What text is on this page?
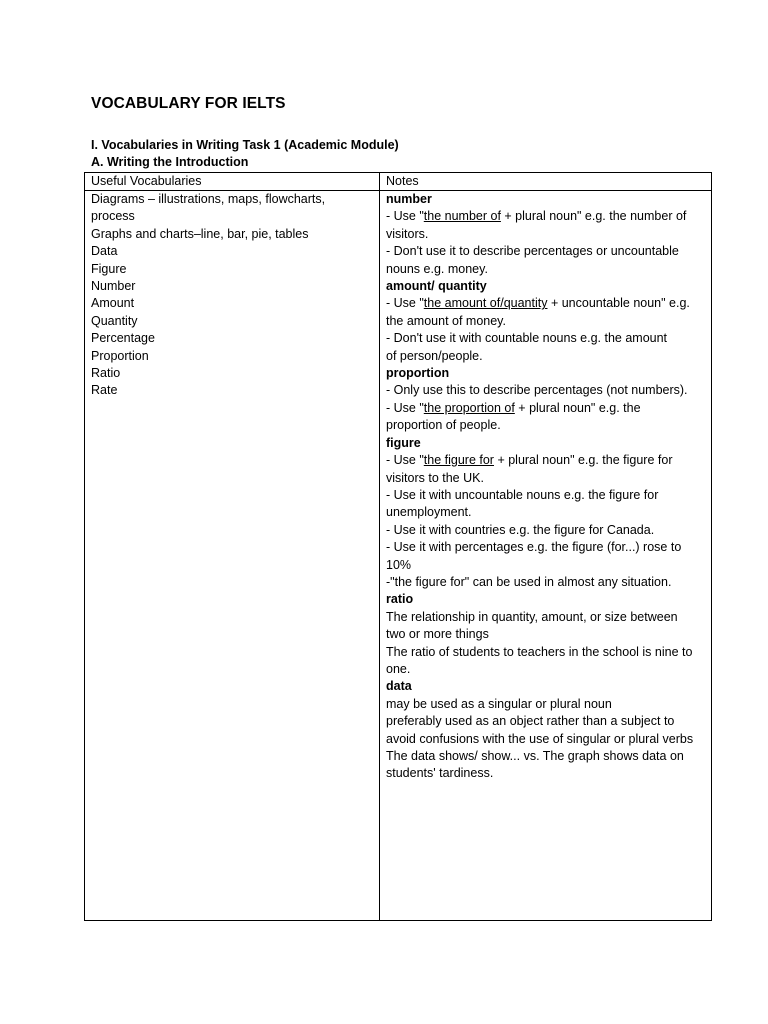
VOCABULARY FOR IELTS
I. Vocabularies in Writing Task 1 (Academic Module)
A. Writing the Introduction
Useful Vocabularies	Notes
Diagrams – illustrations, maps, flowcharts,
process
Graphs and charts–line, bar, pie, tables
Data
Figure
Number
Amount
Quantity
Percentage
Proportion
Ratio
Rate
number
- Use "the number of + plural noun" e.g. the number of
visitors.
- Don't use it to describe percentages or uncountable
nouns e.g. money.
amount/ quantity
- Use "the amount of/quantity + uncountable noun" e.g.
the amount of money.
- Don't use it with countable nouns e.g. the amount
of person/people.
proportion
- Only use this to describe percentages (not numbers).
- Use "the proportion of + plural noun" e.g. the
proportion of people.
figure
- Use "the figure for + plural noun" e.g. the figure for
visitors to the UK.
- Use it with uncountable nouns e.g. the figure for
unemployment.
- Use it with countries e.g. the figure for Canada.
- Use it with percentages e.g. the figure (for...) rose to
10%
-"the figure for" can be used in almost any situation.
ratio
The relationship in quantity, amount, or size between
two or more things
The ratio of students to teachers in the school is nine to
one.
data
may be used as a singular or plural noun
preferably used as an object rather than a subject to
avoid confusions with the use of singular or plural verbs
The data shows/ show... vs. The graph shows data on
students' tardiness.
